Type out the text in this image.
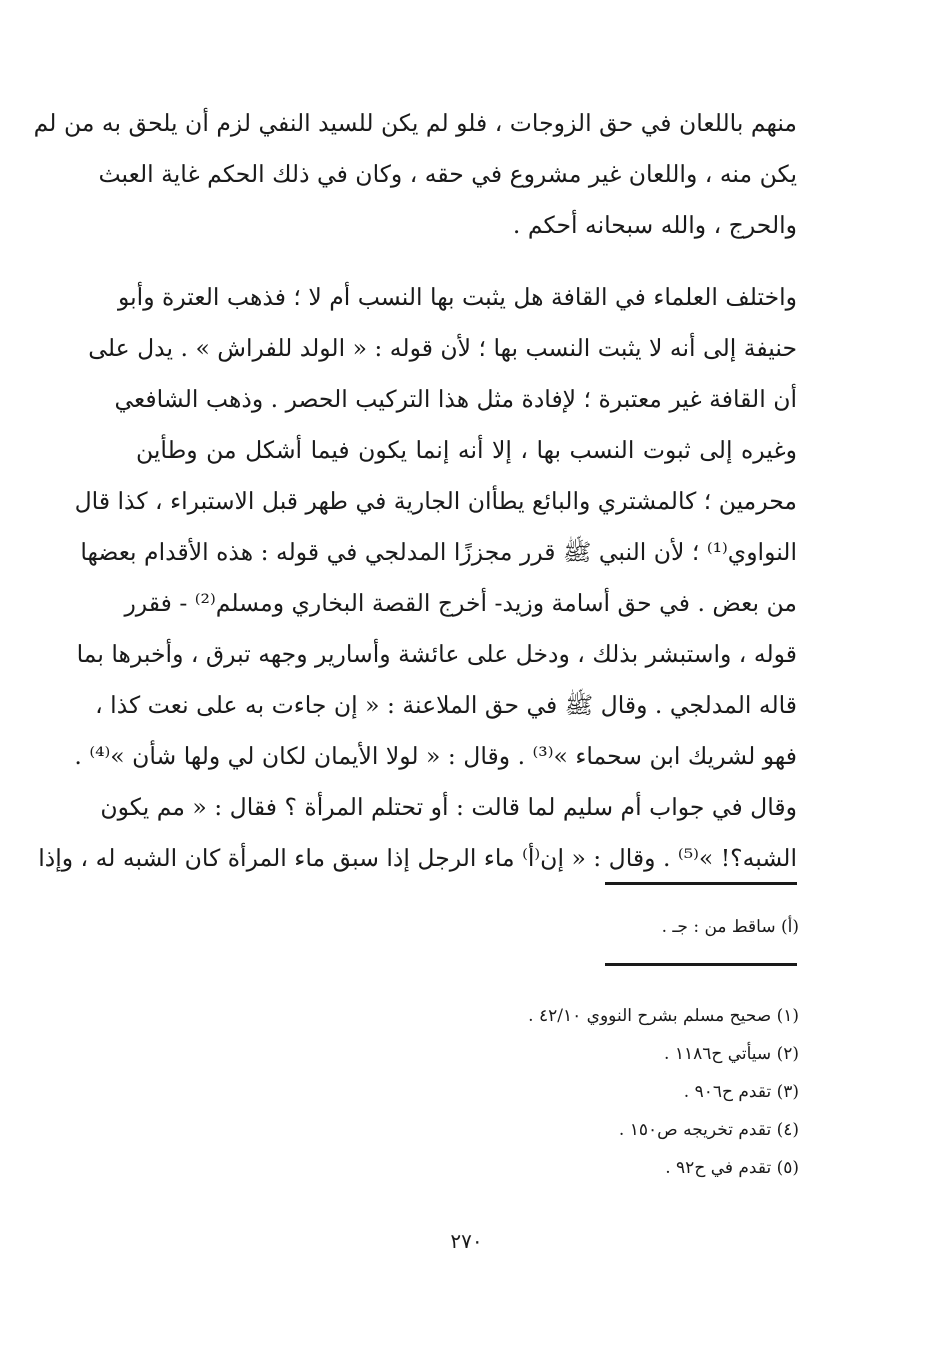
منهم باللعان في حق الزوجات ، فلو لم يكن للسيد النفي لزم أن يلحق به من لم
يكن منه ، واللعان غير مشروع في حقه ، وكان في ذلك الحكم غاية العبث
والحرج ، والله سبحانه أحكم .
واختلف العلماء في القافة هل يثبت بها النسب أم لا ؛ فذهب العترة وأبو
حنيفة إلى أنه لا يثبت النسب بها ؛ لأن قوله : « الولد للفراش » . يدل على
أن القافة غير معتبرة ؛ لإفادة مثل هذا التركيب الحصر . وذهب الشافعي
وغيره إلى ثبوت النسب بها ، إلا أنه إنما يكون فيما أشكل من وطأين
محرمين ؛ كالمشتري والبائع يطأان الجارية في طهر قبل الاستبراء ، كذا قال
النواوي⁽¹⁾ ؛ لأن النبي ﷺ قرر مجززًا المدلجي في قوله : هذه الأقدام بعضها
من بعض . في حق أسامة وزيد- أخرج القصة البخاري ومسلم⁽²⁾ - فقرر
قوله ، واستبشر بذلك ، ودخل على عائشة وأسارير وجهه تبرق ، وأخبرها بما
قاله المدلجي . وقال ﷺ في حق الملاعنة : « إن جاءت به على نعت كذا ،
فهو لشريك ابن سحماء »⁽³⁾ . وقال : « لولا الأيمان لكان لي ولها شأن »⁽⁴⁾ .
وقال في جواب أم سليم لما قالت : أو تحتلم المرأة ؟ فقال : « مم يكون
الشبه؟! »⁽⁵⁾ . وقال : « إن⁽أ⁾ ماء الرجل إذا سبق ماء المرأة كان الشبه له ، وإذا
(أ) ساقط من : جـ .
(١) صحيح مسلم بشرح النووي ٤٢/١٠ .
(٢) سيأتي ح١١٨٦ .
(٣) تقدم ح٩٠٦ .
(٤) تقدم تخريجه ص١٥٠ .
(٥) تقدم في ح٩٢ .
٢٧٠
